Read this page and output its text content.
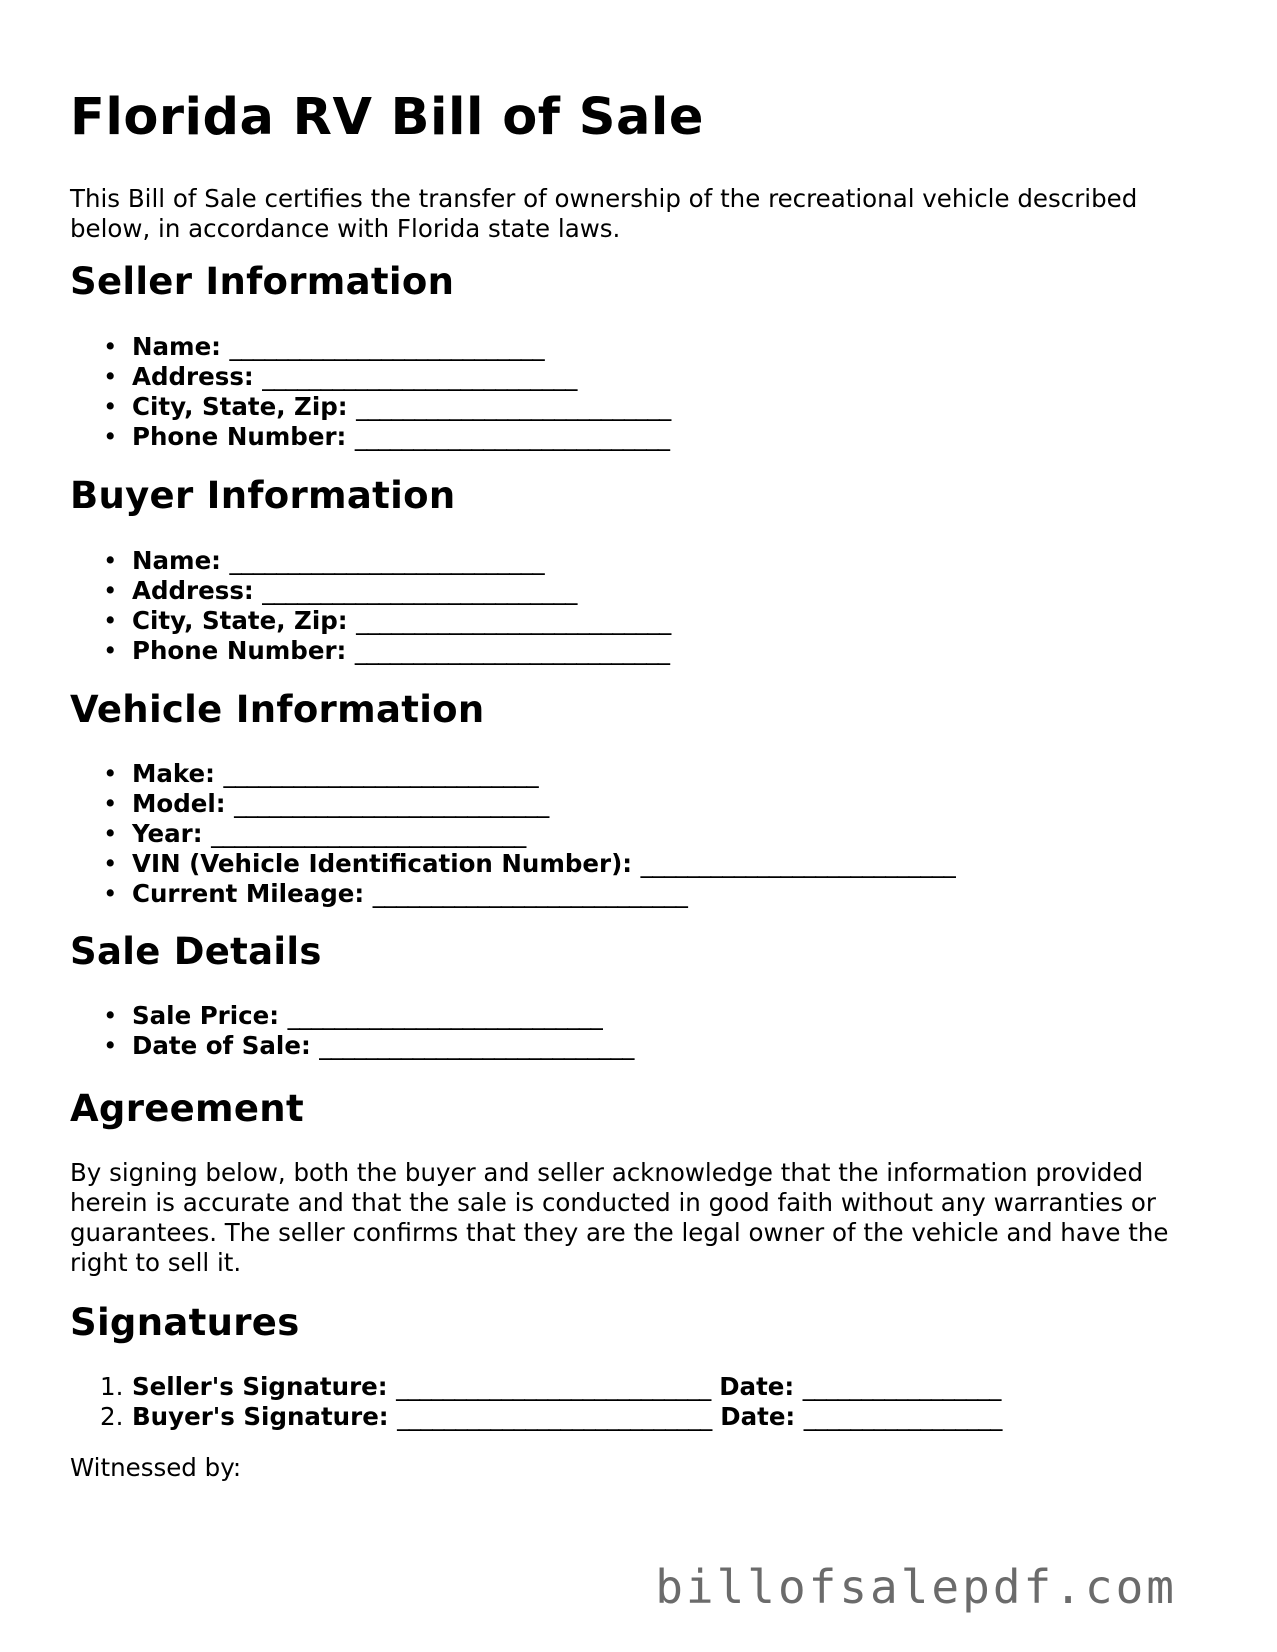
Florida RV Bill of Sale

This Bill of Sale certifies the transfer of ownership of the recreational vehicle described below, in accordance with Florida state laws.

Seller Information
• Name: ___________________________
• Address: ___________________________
• City, State, Zip: ___________________________
• Phone Number: ___________________________
Buyer Information
• Name: ___________________________
• Address: ___________________________
• City, State, Zip: ___________________________
• Phone Number: ___________________________
Vehicle Information
• Make: ___________________________
• Model: ___________________________
• Year: ___________________________
• VIN (Vehicle Identification Number): ___________________________
• Current Mileage: ___________________________
Sale Details
• Sale Price: ___________________________
• Date of Sale: ___________________________
Agreement

By signing below, both the buyer and seller acknowledge that the information provided herein is accurate and that the sale is conducted in good faith without any warranties or guarantees. The seller confirms that they are the legal owner of the vehicle and have the right to sell it.

Signatures
1. Seller's Signature: ___________________________ Date: _________________
2. Buyer's Signature: ___________________________ Date: _________________

Witnessed by:

billofsalepdf.com
